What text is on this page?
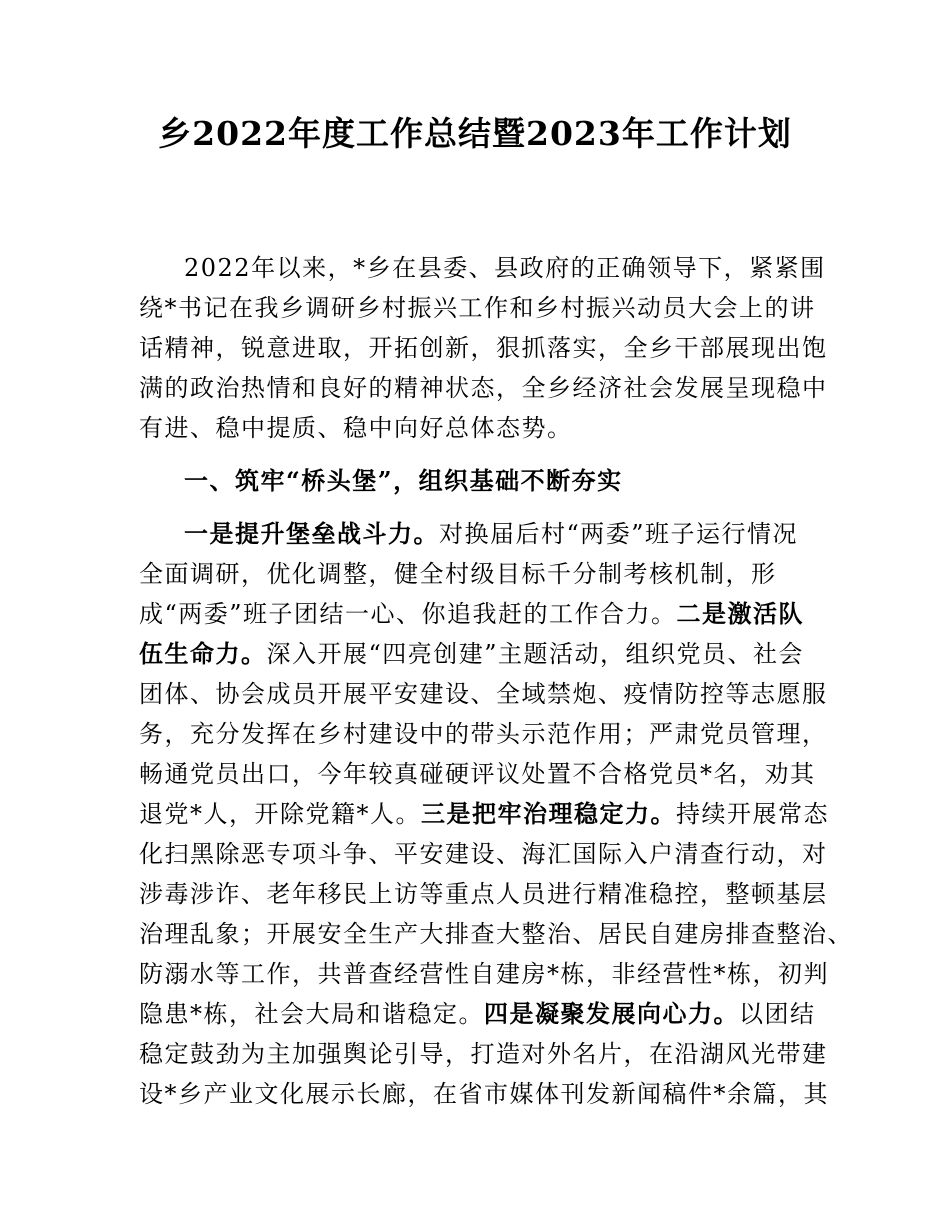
乡2022年度工作总结暨2023年工作计划
2022年以来，*乡在县委、县政府的正确领导下，紧紧围
绕*书记在我乡调研乡村振兴工作和乡村振兴动员大会上的讲
话精神，锐意进取，开拓创新，狠抓落实，全乡干部展现出饱
满的政治热情和良好的精神状态，全乡经济社会发展呈现稳中
有进、稳中提质、稳中向好总体态势。
一、筑牢“桥头堡”，组织基础不断夯实
一是提升堡垒战斗力。对换届后村“两委”班子运行情况
全面调研，优化调整，健全村级目标千分制考核机制，形
成“两委”班子团结一心、你追我赶的工作合力。二是激活队
伍生命力。深入开展“四亮创建”主题活动，组织党员、社会
团体、协会成员开展平安建设、全域禁炮、疫情防控等志愿服
务，充分发挥在乡村建设中的带头示范作用；严肃党员管理，
畅通党员出口，今年较真碰硬评议处置不合格党员*名，劝其
退党*人，开除党籍*人。三是把牢治理稳定力。持续开展常态
化扫黑除恶专项斗争、平安建设、海汇国际入户清查行动，对
涉毒涉诈、老年移民上访等重点人员进行精准稳控，整顿基层
治理乱象；开展安全生产大排查大整治、居民自建房排查整治、
防溺水等工作，共普查经营性自建房*栋，非经营性*栋，初判
隐患*栋，社会大局和谐稳定。四是凝聚发展向心力。以团结
稳定鼓劲为主加强舆论引导，打造对外名片，在沿湖风光带建
设*乡产业文化展示长廊，在省市媒体刊发新闻稿件*余篇，其
